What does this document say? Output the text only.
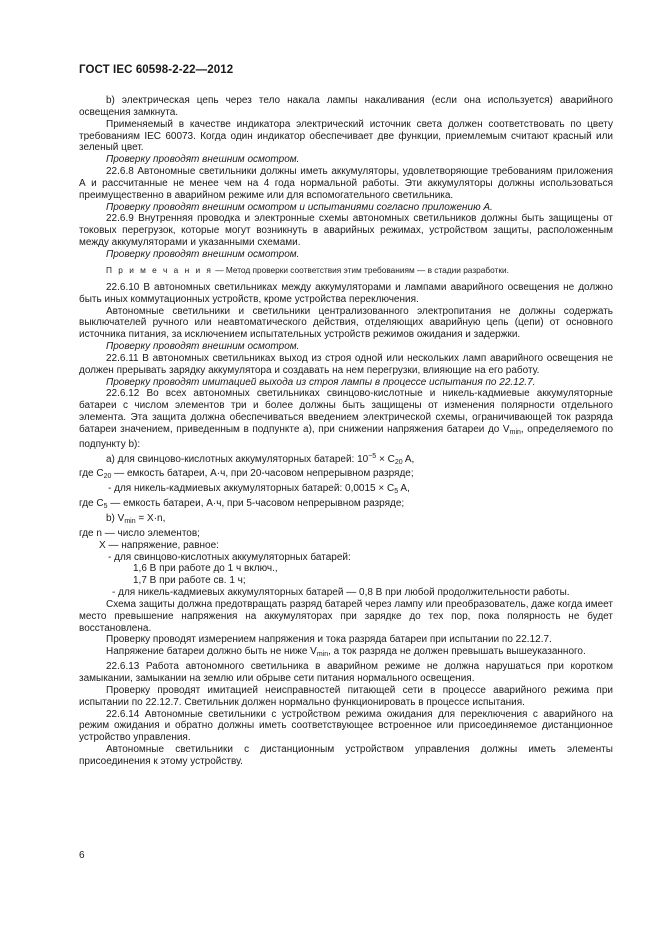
ГОСТ IEC 60598-2-22—2012

b) электрическая цепь через тело накала лампы накаливания (если она используется) аварийного освещения замкнута.

Применяемый в качестве индикатора электрический источник света должен соответствовать по цвету требованиям IEC 60073. Когда один индикатор обеспечивает две функции, приемлемым считают красный или зеленый цвет.

Проверку проводят внешним осмотром.

22.6.8 Автономные светильники должны иметь аккумуляторы, удовлетворяющие требованиям приложения А и рассчитанные не менее чем на 4 года нормальной работы. Эти аккумуляторы должны использоваться преимущественно в аварийном режиме или для вспомогательного светильника.

Проверку проводят внешним осмотром и испытаниями согласно приложению А.

22.6.9 Внутренняя проводка и электронные схемы автономных светильников должны быть защищены от токовых перегрузок, которые могут возникнуть в аварийных режимах, устройством защиты, расположенным между аккумуляторами и указанными схемами.

Проверку проводят внешним осмотром.

П р и м е ч а н и я — Метод проверки соответствия этим требованиям — в стадии разработки.

22.6.10 В автономных светильниках между аккумуляторами и лампами аварийного освещения не должно быть иных коммутационных устройств, кроме устройства переключения.

Автономные светильники и светильники централизованного электропитания не должны содержать выключателей ручного или неавтоматического действия, отделяющих аварийную цепь (цепи) от основного источника питания, за исключением испытательных устройств режимов ожидания и задержки.

Проверку проводят внешним осмотром.

22.6.11 В автономных светильниках выход из строя одной или нескольких ламп аварийного освещения не должен прерывать зарядку аккумулятора и создавать на нем перегрузки, влияющие на его работу.

Проверку проводят имитацией выхода из строя лампы в процессе испытания по 22.12.7.

22.6.12 Во всех автономных светильниках свинцово-кислотные и никель-кадмиевые аккумуляторные батареи с числом элементов три и более должны быть защищены от изменения полярности отдельного элемента. Эта защита должна обеспечиваться введением электрической схемы, ограничивающей ток разряда батареи значением, приведенным в подпункте а), при снижении напряжения батареи до $V_{min}$, определяемого по подпункту b):

a) для свинцово-кислотных аккумуляторных батарей: $10^{-5} \times C_{20}$ A,

где $C_{20}$ — емкость батареи, А·ч, при 20-часовом непрерывном разряде;

- для никель-кадмиевых аккумуляторных батарей: $0,0015 \times C_5$ A,

где $C_5$ — емкость батареи, А·ч, при 5-часовом непрерывном разряде;

b) $V_{min} = X\cdot n$,

где n — число элементов;

X — напряжение, равное:

- для свинцово-кислотных аккумуляторных батарей:

1,6 В при работе до 1 ч включ.,

1,7 В при работе св. 1 ч;

- для никель-кадмиевых аккумуляторных батарей — 0,8 В при любой продолжительности работы.

Схема защиты должна предотвращать разряд батарей через лампу или преобразователь, даже когда имеет место превышение напряжения на аккумуляторах при зарядке до тех пор, пока полярность не будет восстановлена.

Проверку проводят измерением напряжения и тока разряда батареи при испытании по 22.12.7.

Напряжение батареи должно быть не ниже $V_{min}$, а ток разряда не должен превышать вышеуказанного.

22.6.13 Работа автономного светильника в аварийном режиме не должна нарушаться при коротком замыкании, замыкании на землю или обрыве сети питания нормального освещения.

Проверку проводят имитацией неисправностей питающей сети в процессе аварийного режима при испытании по 22.12.7. Светильник должен нормально функционировать в процессе испытания.

22.6.14 Автономные светильники с устройством режима ожидания для переключения с аварийного на режим ожидания и обратно должны иметь соответствующее встроенное или присоединяемое дистанционное устройство управления.

Автономные светильники с дистанционным устройством управления должны иметь элементы присоединения к этому устройству.

6
